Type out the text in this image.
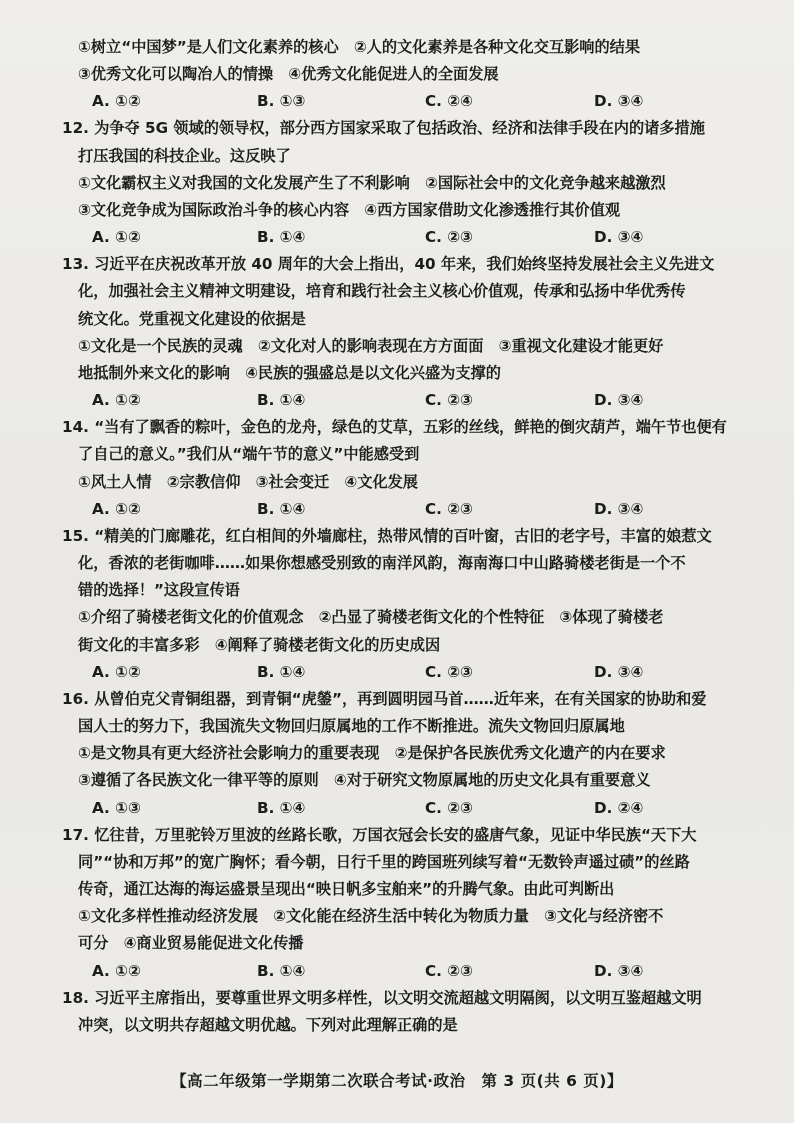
①树立“中国梦”是人们文化素养的核心　②人的文化素养是各种文化交互影响的结果
③优秀文化可以陶冶人的情操　④优秀文化能促进人的全面发展
A. ①②	B. ①③	C. ②④	D. ③④
12. 为争夺 5G 领域的领导权，部分西方国家采取了包括政治、经济和法律手段在内的诸多措施
打压我国的科技企业。这反映了
①文化霸权主义对我国的文化发展产生了不利影响　②国际社会中的文化竞争越来越激烈
③文化竞争成为国际政治斗争的核心内容　④西方国家借助文化渗透推行其价值观
A. ①②	B. ①④	C. ②③	D. ③④
13. 习近平在庆祝改革开放 40 周年的大会上指出，40 年来，我们始终坚持发展社会主义先进文
化，加强社会主义精神文明建设，培育和践行社会主义核心价值观，传承和弘扬中华优秀传
统文化。党重视文化建设的依据是
①文化是一个民族的灵魂　②文化对人的影响表现在方方面面　③重视文化建设才能更好
地抵制外来文化的影响　④民族的强盛总是以文化兴盛为支撑的
A. ①②	B. ①④	C. ②③	D. ③④
14. “当有了飘香的粽叶，金色的龙舟，绿色的艾草，五彩的丝线，鲜艳的倒灾葫芦，端午节也便有
了自己的意义。”我们从“端午节的意义”中能感受到
①风土人情　②宗教信仰　③社会变迁　④文化发展
A. ①②	B. ①④	C. ②③	D. ③④
15. “精美的门廊雕花，红白相间的外墙廊柱，热带风情的百叶窗，古旧的老字号，丰富的娘惹文
化，香浓的老街咖啡……如果你想感受别致的南洋风韵，海南海口中山路骑楼老街是一个不
错的选择！”这段宣传语
①介绍了骑楼老街文化的价值观念　②凸显了骑楼老街文化的个性特征　③体现了骑楼老
街文化的丰富多彩　④阐释了骑楼老街文化的历史成因
A. ①②	B. ①④	C. ②③	D. ③④
16. 从曾伯克父青铜组器，到青铜“虎鎣”，再到圆明园马首……近年来，在有关国家的协助和爱
国人士的努力下，我国流失文物回归原属地的工作不断推进。流失文物回归原属地
①是文物具有更大经济社会影响力的重要表现　②是保护各民族优秀文化遗产的内在要求
③遵循了各民族文化一律平等的原则　④对于研究文物原属地的历史文化具有重要意义
A. ①③	B. ①④	C. ②③	D. ②④
17. 忆往昔，万里驼铃万里波的丝路长歌，万国衣冠会长安的盛唐气象，见证中华民族“天下大
同”“协和万邦”的宽广胸怀；看今朝，日行千里的跨国班列续写着“无数铃声遥过碛”的丝路
传奇，通江达海的海运盛景呈现出“映日帆多宝舶来”的升腾气象。由此可判断出
①文化多样性推动经济发展　②文化能在经济生活中转化为物质力量　③文化与经济密不
可分　④商业贸易能促进文化传播
A. ①②	B. ①④	C. ②③	D. ③④
18. 习近平主席指出，要尊重世界文明多样性，以文明交流超越文明隔阂，以文明互鉴超越文明
冲突，以文明共存超越文明优越。下列对此理解正确的是
【高二年级第一学期第二次联合考试·政治　第 3 页(共 6 页)】
